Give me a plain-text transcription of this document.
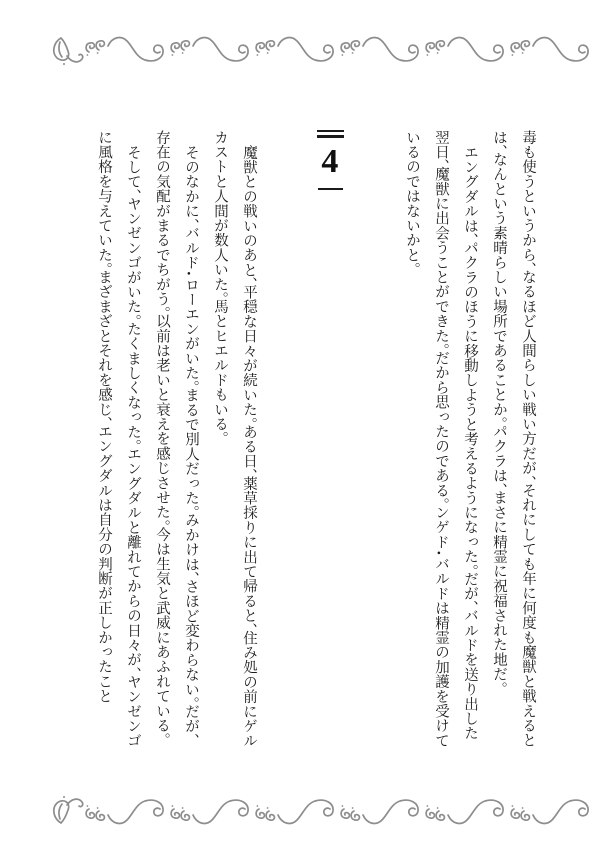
毒も使うというから、なるほど人間らしい戦い方だが、それにしても年に何度も魔獣と戦えるとは、なんという素晴らしい場所であることか。パクラは、まさに精霊に祝福された地だ。

エングダルは、パクラのほうに移動しようと考えるようになった。だが、バルドを送り出した翌日、魔獣に出会うことができた。だから思ったのである。ンゲド・バルドは精霊の加護を受けているのではないかと。

4

魔獣との戦いのあと、平穏な日々が続いた。ある日、薬草採りに出て帰ると、住み処の前にゲルカストと人間が数人いた。馬とヒエルドもいる。

そのなかに、バルド・ローエンがいた。まるで別人だった。みかけは、さほど変わらない。だが、存在の気配がまるでちがう。以前は老いと衰えを感じさせた。今は生気と武威にあふれている。

そして、ヤンゼンゴがいた。たくましくなった。エングダルと離れてからの日々が、ヤンゼンゴに風格を与えていた。まざまざとそれを感じ、エングダルは自分の判断が正しかったこと
